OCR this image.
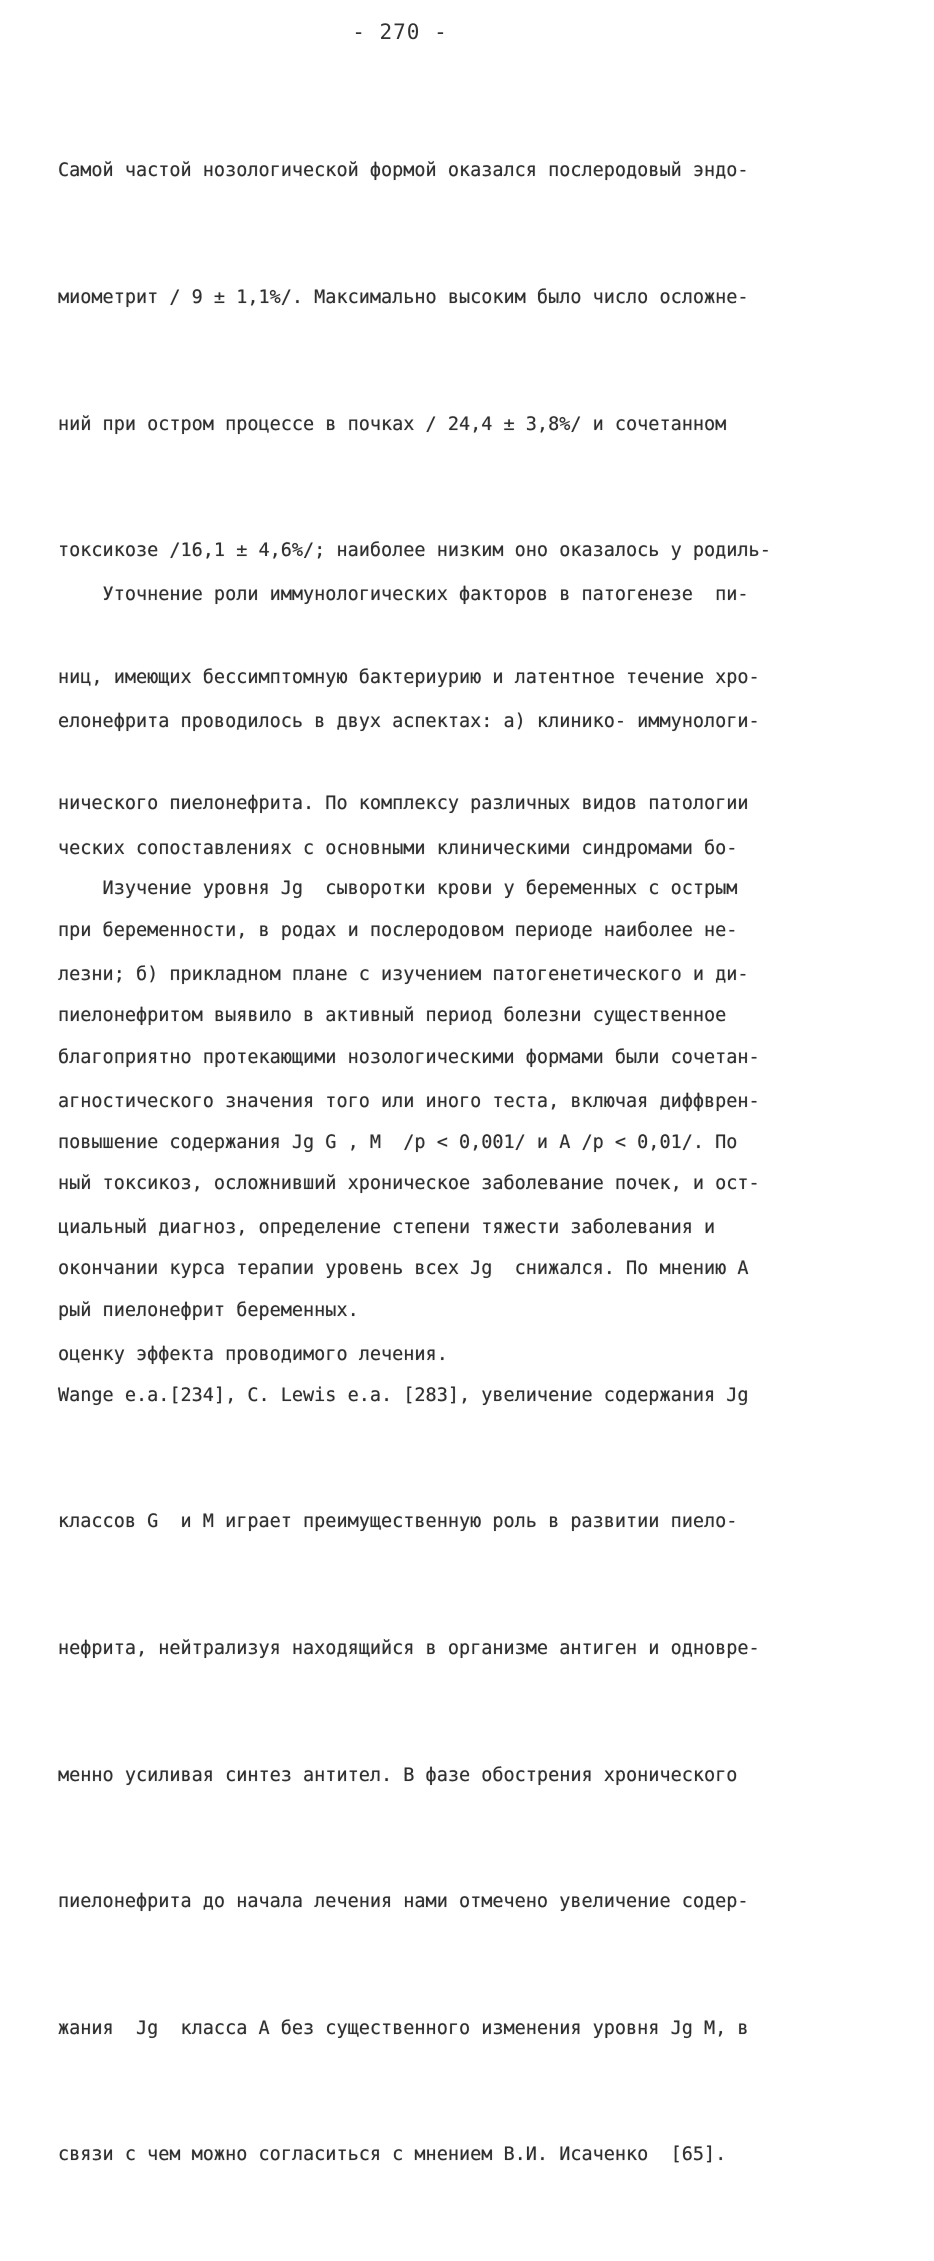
- 270 -

Самой частой нозологической формой оказался послеродовый эндо-

миометрит / 9 ± 1,1%/. Максимально высоким было число осложне-

ний при остром процессе в почках / 24,4 ± 3,8%/ и сочетанном

токсикозе /16,1 ± 4,6%/; наиболее низким оно оказалось у родиль-

ниц, имеющих бессимптомную бактериурию и латентное течение хро-

нического пиелонефрита. По комплексу различных видов патологии

при беременности, в родах и послеродовом периоде наиболее не-

благоприятно протекающими нозологическими формами были сочетан-

ный токсикоз, осложнивший хроническое заболевание почек, и ост-

рый пиелонефрит беременных.

Уточнение роли иммунологических факторов в патогенезе  пи-

елонефрита проводилось в двух аспектах: а) клинико- иммунологи-

ческих сопоставлениях с основными клиническими синдромами бо-

лезни; б) прикладном плане с изучением патогенетического и ди-

агностического значения того или иного теста, включая диффврен-

циальный диагноз, определение степени тяжести заболевания и

оценку эффекта проводимого лечения.

Изучение уровня Jg  сыворотки крови у беременных с острым

пиелонефритом выявило в активный период болезни существенное

повышение содержания Jg G , М  /p < 0,001/ и А /p < 0,01/. По

окончании курса терапии уровень всех Jg  снижался. По мнению A

Wange e.a.[234], C. Lewis e.a. [283], увеличение содержания Jg

классов G  и М играет преимущественную роль в развитии пиело-

нефрита, нейтрализуя находящийся в организме антиген и одновре-

менно усиливая синтез антител. В фазе обострения хронического

пиелонефрита до начала лечения нами отмечено увеличение содер-

жания  Jg  класса А без существенного изменения уровня Jg М, в

связи с чем можно согласиться с мнением В.И. Исаченко  [65].
